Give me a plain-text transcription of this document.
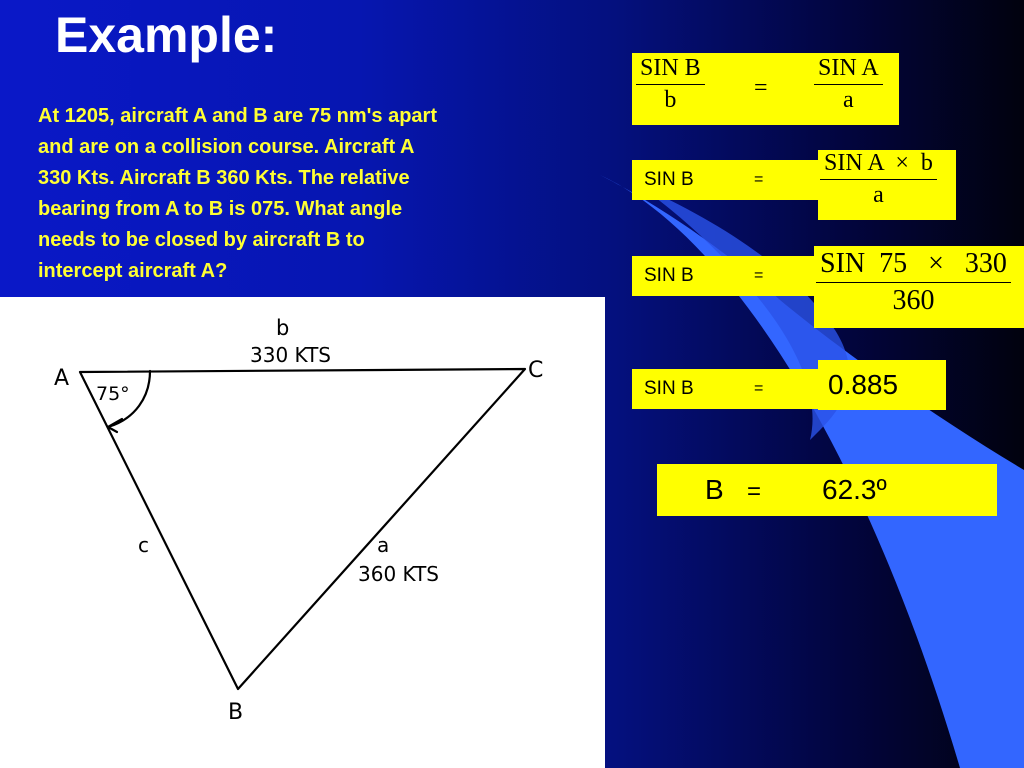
Example:

At 1205, aircraft A and B are 75 nm's apart

and are on a collision course. Aircraft A

330 Kts. Aircraft B 360 Kts. The relative

bearing from A to B is 075. What angle

needs to be closed by aircraft B to

intercept aircraft A?

A	C
B
75°
b
330 KTS
c	a
360 KTS
SIN B
b	=
SIN A
a
SIN B	=
SIN A  ×  b
a
SIN B	= SIN  75   ×   330
360
SIN B	= 0.885
B = 62.3º
